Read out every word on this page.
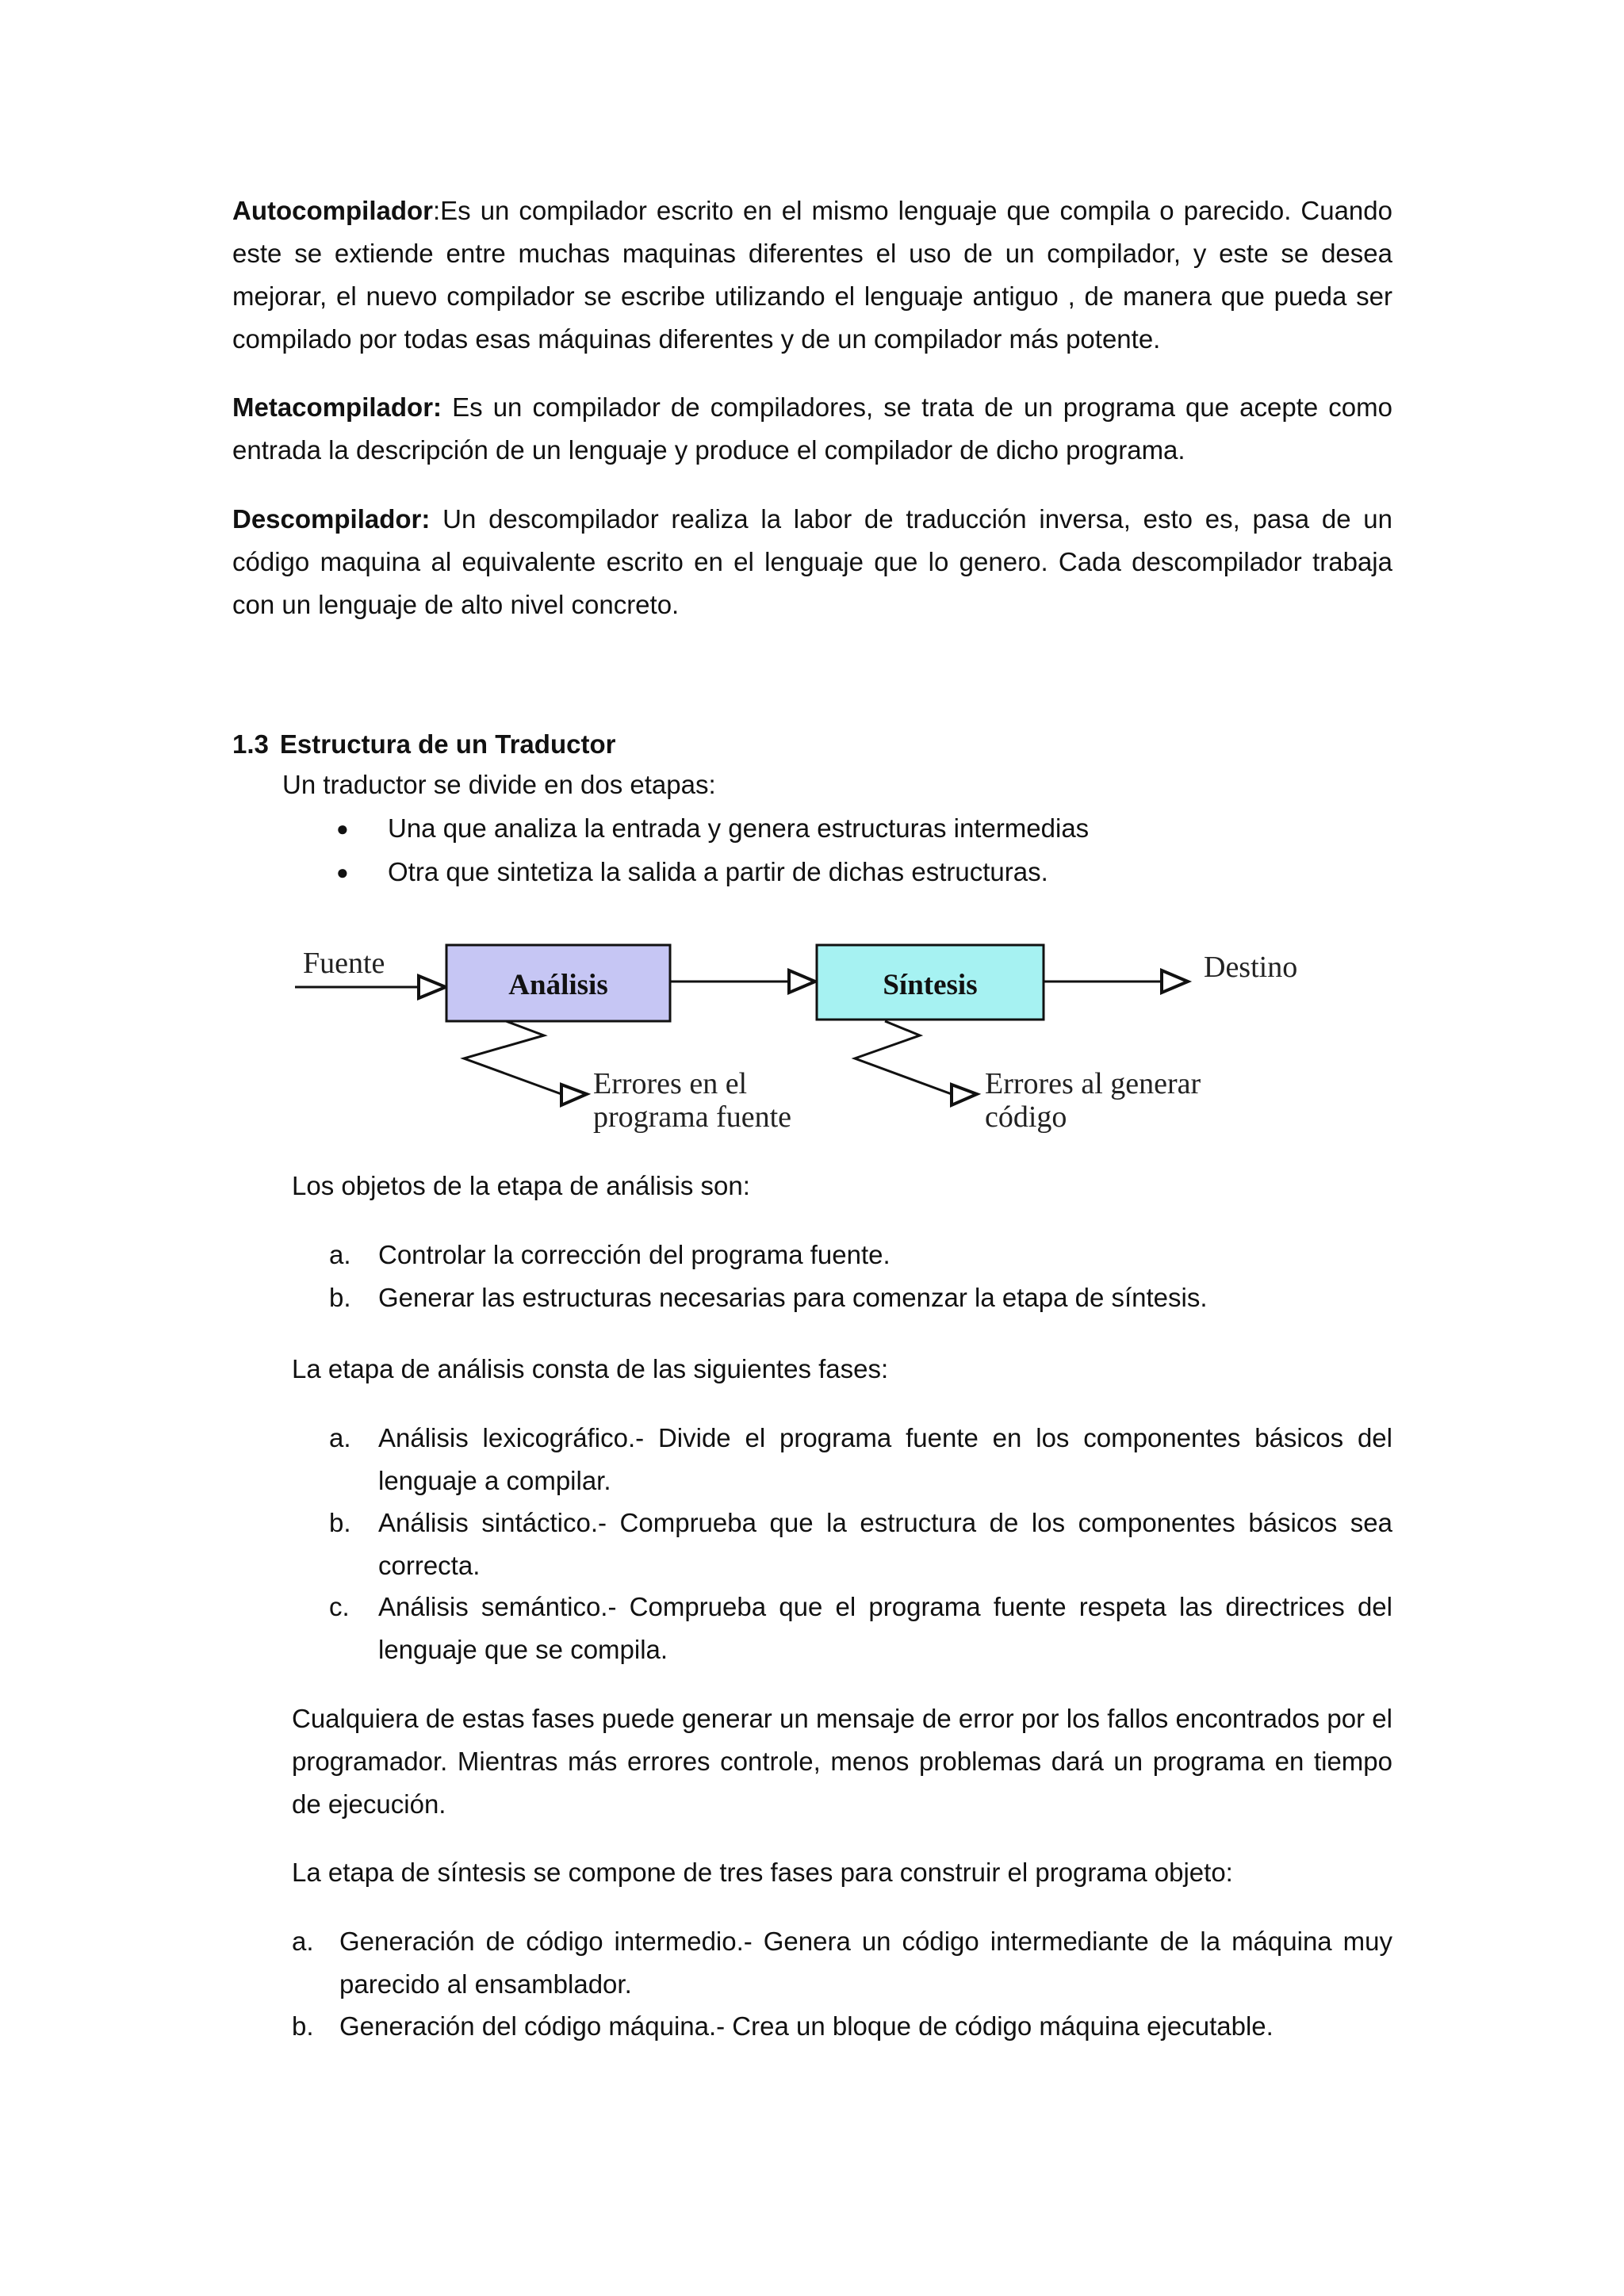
Autocompilador:Es un compilador escrito en el mismo lenguaje que compila o parecido. Cuando este se extiende entre muchas maquinas diferentes el uso de un compilador, y este se desea mejorar, el nuevo compilador se escribe utilizando el lenguaje antiguo , de manera que pueda ser compilado por todas esas máquinas diferentes y de un compilador más potente.

Metacompilador: Es un compilador de compiladores, se trata de un programa que acepte como entrada la descripción de un lenguaje y produce el compilador de dicho programa.

Descompilador: Un descompilador realiza la labor de traducción inversa, esto es, pasa de un código maquina al equivalente escrito en el lenguaje que lo genero. Cada descompilador trabaja con un lenguaje de alto nivel concreto.

1.3 Estructura de un Traductor

Un traductor se divide en dos etapas:

● Una que analiza la entrada y genera estructuras intermedias
● Otra que sintetiza la salida a partir de dichas estructuras.
Fuente
Análisis	Síntesis
Destino
Errores en el
programa fuente
Errores al generar
código

Los objetos de la etapa de análisis son:

a. Controlar la corrección del programa fuente.
b. Generar las estructuras necesarias para comenzar la etapa de síntesis.

La etapa de análisis consta de las siguientes fases:

a. Análisis lexicográfico.- Divide el programa fuente en los componentes básicos del lenguaje a compilar.
b. Análisis sintáctico.- Comprueba que la estructura de los componentes básicos sea correcta.
c. Análisis semántico.- Comprueba que el programa fuente respeta las directrices del lenguaje que se compila.

Cualquiera de estas fases puede generar un mensaje de error por los fallos encontrados por el programador. Mientras más errores controle, menos problemas dará un programa en tiempo de ejecución.

La etapa de síntesis se compone de tres fases para construir el programa objeto:

a. Generación de código intermedio.- Genera un código intermediante de la máquina muy parecido al ensamblador.
b. Generación del código máquina.- Crea un bloque de código máquina ejecutable.
